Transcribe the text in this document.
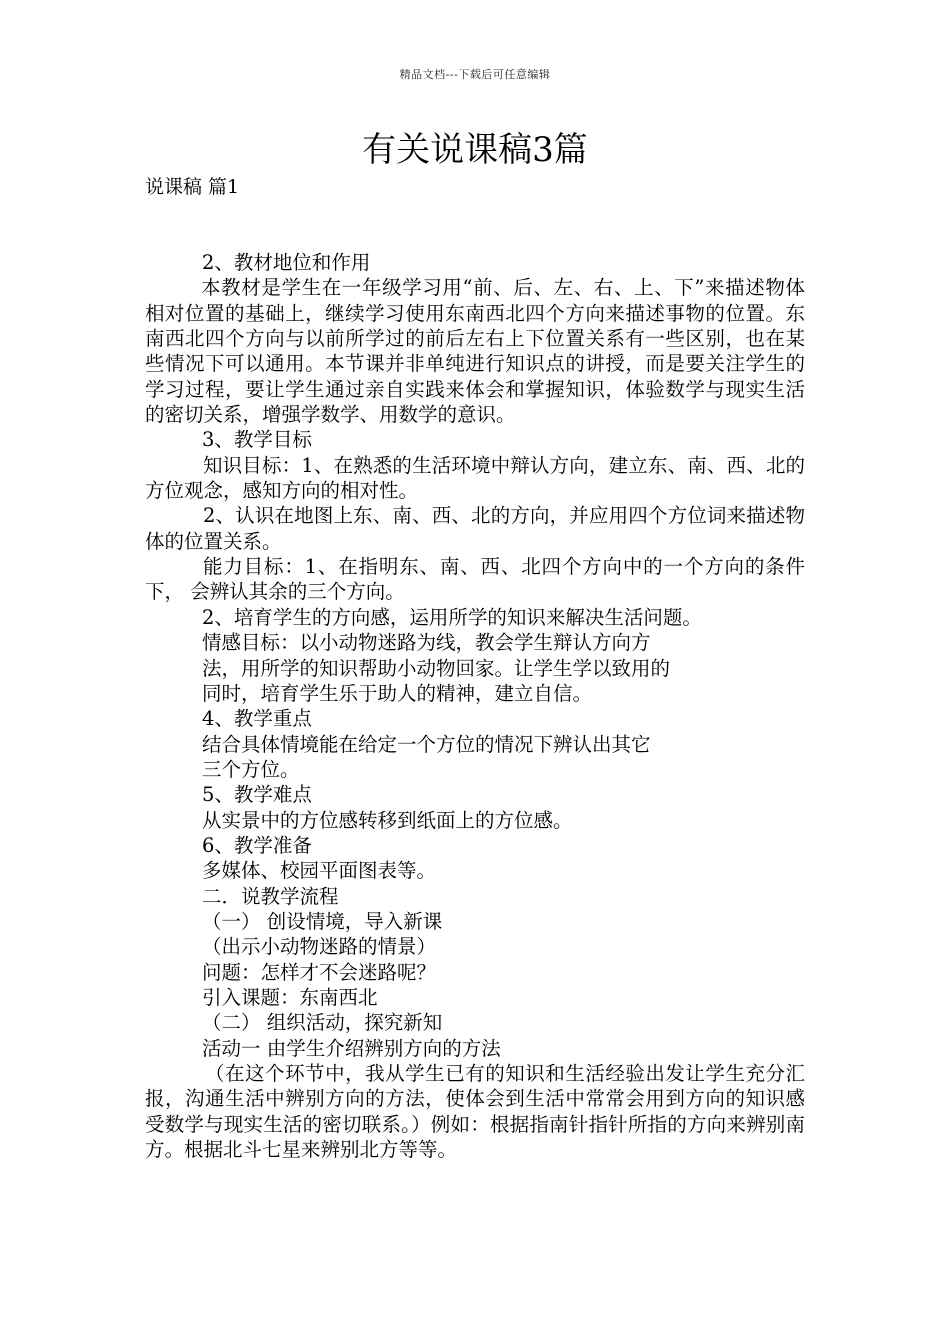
精品文档---下载后可任意编辑
有关说课稿3篇
说课稿 篇1

2、教材地位和作用

本教材是学生在一年级学习用“前、后、左、右、上、下”来描述物体相对位置的基础上，继续学习使用东南西北四个方向来描述事物的位置。东南西北四个方向与以前所学过的前后左右上下位置关系有一些区别，也在某些情况下可以通用。本节课并非单纯进行知识点的讲授，而是要关注学生的学习过程，要让学生通过亲自实践来体会和掌握知识，体验数学与现实生活的密切关系，增强学数学、用数学的意识。

3、教学目标

知识目标：1、在熟悉的生活环境中辩认方向，建立东、南、西、北的方位观念，感知方向的相对性。

2、认识在地图上东、南、西、北的方向，并应用四个方位词来描述物体的位置关系。

能力目标：1、在指明东、南、西、北四个方向中的一个方向的条件下， 会辨认其余的三个方向。

2、培育学生的方向感，运用所学的知识来解决生活问题。

情感目标：以小动物迷路为线，教会学生辩认方向方法，用所学的知识帮助小动物回家。让学生学以致用的同时，培育学生乐于助人的精神，建立自信。

4、教学重点

结合具体情境能在给定一个方位的情况下辨认出其它三个方位。

5、教学难点

从实景中的方位感转移到纸面上的方位感。

6、教学准备

多媒体、校园平面图表等。

二．说教学流程

（一） 创设情境，导入新课

（出示小动物迷路的情景）

问题：怎样才不会迷路呢？

引入课题：东南西北

（二） 组织活动，探究新知

活动一 由学生介绍辨别方向的方法

（在这个环节中，我从学生已有的知识和生活经验出发让学生充分汇报，沟通生活中辨别方向的方法，使体会到生活中常常会用到方向的知识感受数学与现实生活的密切联系。）例如：根据指南针指针所指的方向来辨别南方。根据北斗七星来辨别北方等等。
